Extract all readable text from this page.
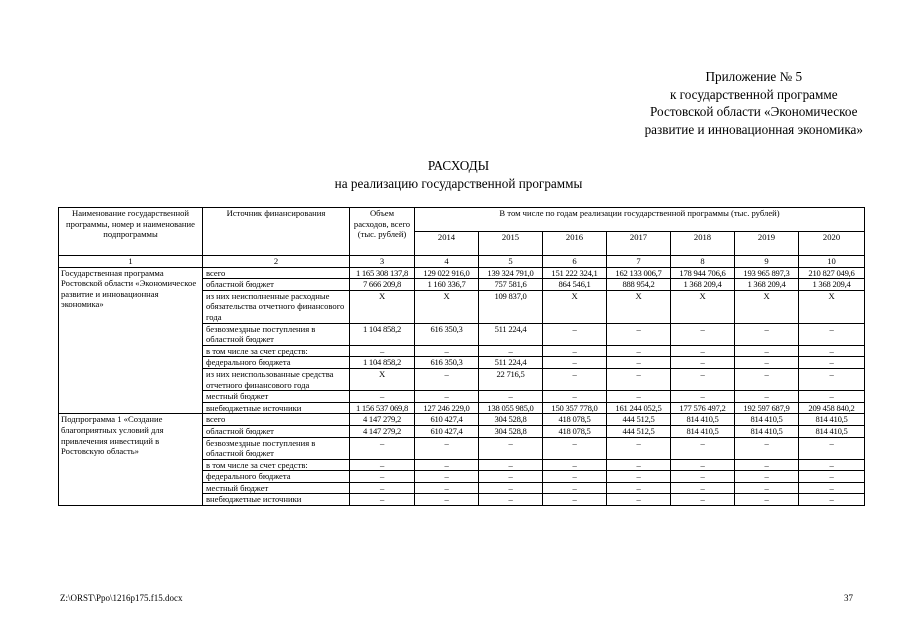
Приложение № 5
к государственной программе
Ростовской области «Экономическое
развитие и инновационная экономика»
РАСХОДЫ
на реализацию государственной программы
Наименование государственной программы, номер и наименование подпрограммы	Источник финансирования	Объем расходов, всего (тыс. рублей)	В том числе по годам реализации государственной программы (тыс. рублей)						
			2014	2015	2016	2017	2018	2019	2020
1	2	3	4	5	6	7	8	9	10
Государственная программа Ростовской области «Экономическое развитие и инновационная экономика»	всего	1 165 308 137,8	129 022 916,0	139 324 791,0	151 222 324,1	162 133 006,7	178 944 706,6	193 965 897,3	210 827 049,6
	областной бюджет	7 666 209,8	1 160 336,7	757 581,6	864 546,1	888 954,2	1 368 209,4	1 368 209,4	1 368 209,4
	из них неисполненные расходные обязательства отчетного финансового года	Х	Х	109 837,0	Х	Х	Х	Х	Х
	безвозмездные поступления в областной бюджет	1 104 858,2	616 350,3	511 224,4	–	–	–	–	–
	в том числе за счет средств:	–	–	–	–	–	–	–	–
	федерального бюджета	1 104 858,2	616 350,3	511 224,4	–	–	–	–	–
	из них неиспользованные средства отчетного финансового года	Х	–	22 716,5	–	–	–	–	–
	местный бюджет	–	–	–	–	–	–	–	–
	внебюджетные источники	1 156 537 069,8	127 246 229,0	138 055 985,0	150 357 778,0	161 244 052,5	177 576 497,2	192 597 687,9	209 458 840,2
Подпрограмма 1 «Создание благоприятных условий для привлечения инвестиций в Ростовскую область»	всего	4 147 279,2	610 427,4	304 528,8	418 078,5	444 512,5	814 410,5	814 410,5	814 410,5
	областной бюджет	4 147 279,2	610 427,4	304 528,8	418 078,5	444 512,5	814 410,5	814 410,5	814 410,5
	безвозмездные поступления в областной бюджет	–	–	–	–	–	–	–	–
	в том числе за счет средств:	–	–	–	–	–	–	–	–
	федерального бюджета	–	–	–	–	–	–	–	–
	местный бюджет	–	–	–	–	–	–	–	–
	внебюджетные источники	–	–	–	–	–	–	–	–
Z:\ORST\Ppo\1216p175.f15.docx	37
